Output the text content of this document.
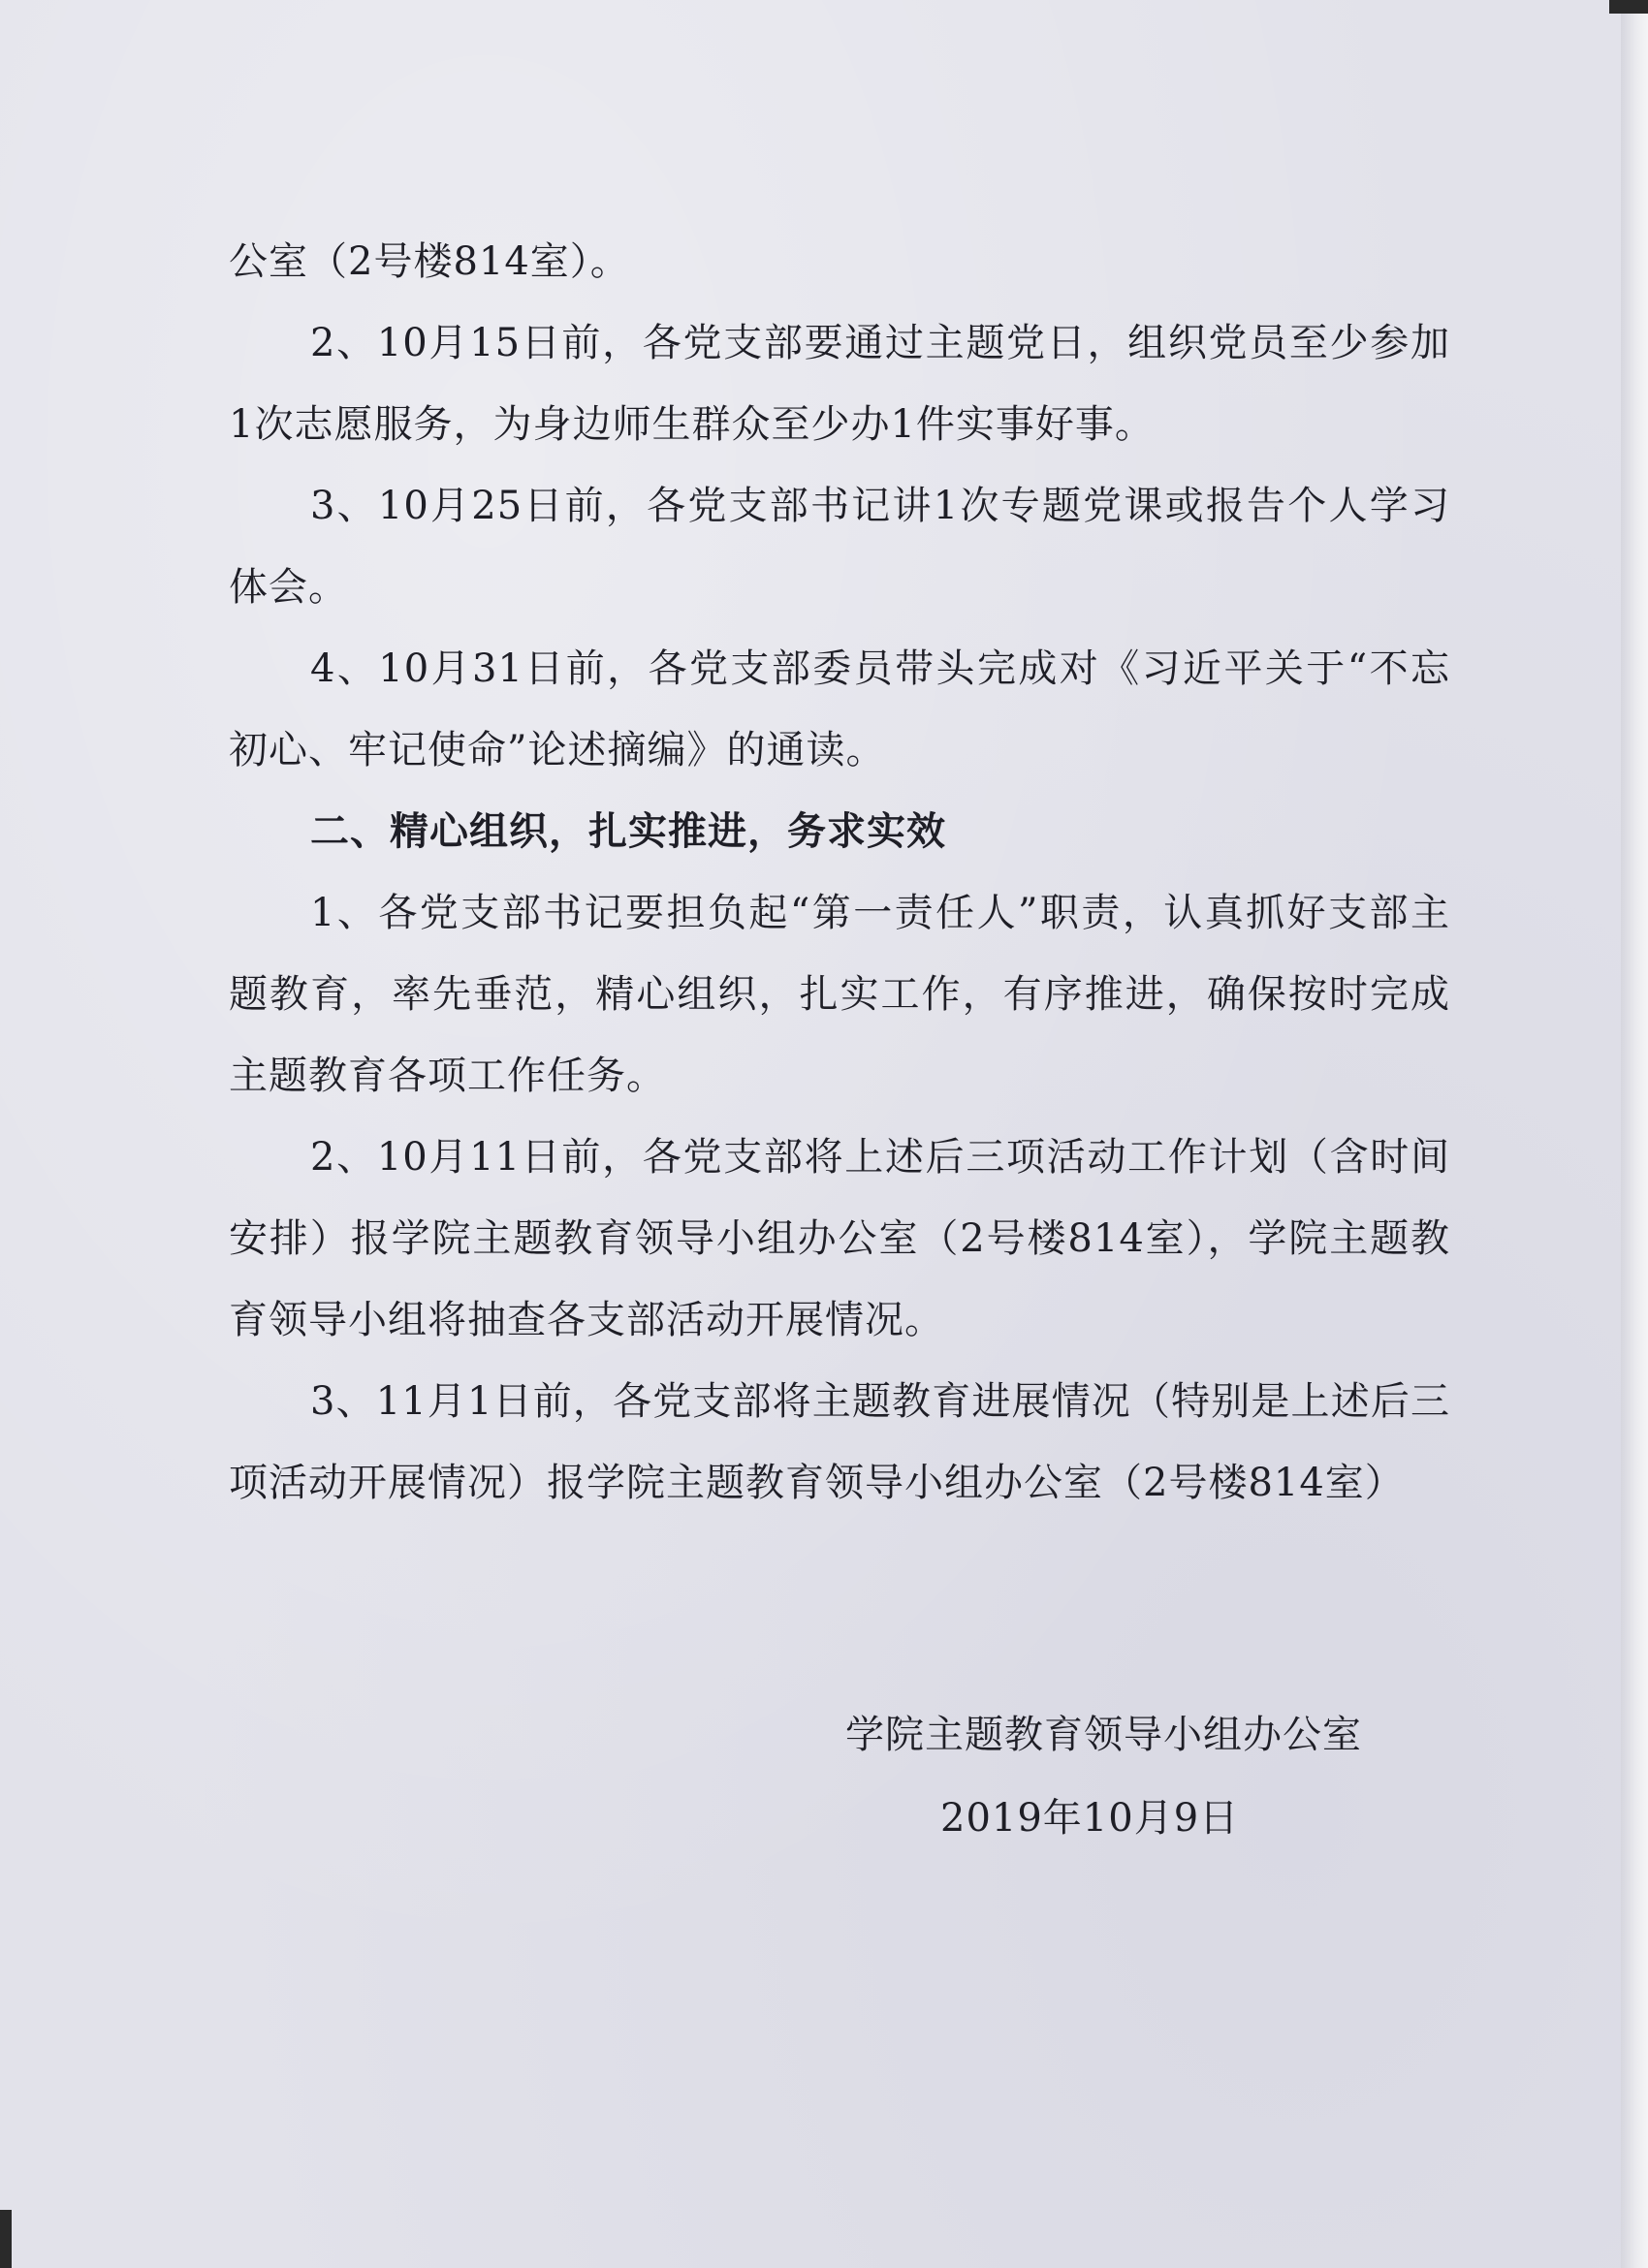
公室（2号楼814室）。

2、10月15日前，各党支部要通过主题党日，组织党员至少参加1次志愿服务，为身边师生群众至少办1件实事好事。

3、10月25日前，各党支部书记讲1次专题党课或报告个人学习体会。

4、10月31日前，各党支部委员带头完成对《习近平关于“不忘初心、牢记使命”论述摘编》的通读。

二、精心组织，扎实推进，务求实效

1、各党支部书记要担负起“第一责任人”职责，认真抓好支部主题教育，率先垂范，精心组织，扎实工作，有序推进，确保按时完成主题教育各项工作任务。

2、10月11日前，各党支部将上述后三项活动工作计划（含时间安排）报学院主题教育领导小组办公室（2号楼814室），学院主题教育领导小组将抽查各支部活动开展情况。

3、11月1日前，各党支部将主题教育进展情况（特别是上述后三项活动开展情况）报学院主题教育领导小组办公室（2号楼814室）

学院主题教育领导小组办公室
2019年10月9日
